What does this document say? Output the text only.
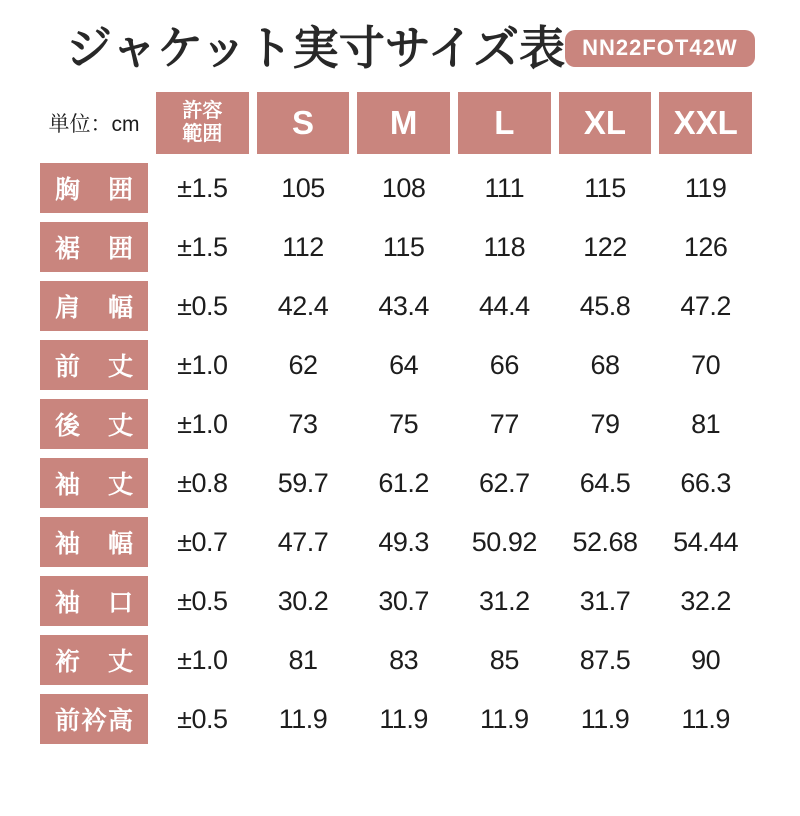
ジャケット実寸サイズ表 NN22FOT42W
単位：cm
許容
範囲	S	M	L	XL	XXL
胸 囲	±1.5	105	108	111	115	119
裾 囲	±1.5	112	115	118	122	126
肩 幅	±0.5	42.4	43.4	44.4	45.8	47.2
前 丈	±1.0	62	64	66	68	70
後 丈	±1.0	73	75	77	79	81
袖 丈	±0.8	59.7	61.2	62.7	64.5	66.3
袖 幅	±0.7	47.7	49.3	50.92	52.68	54.44
袖 口	±0.5	30.2	30.7	31.2	31.7	32.2
裄 丈	±1.0	81	83	85	87.5	90
前 衿 高	±0.5	11.9	11.9	11.9	11.9	11.9
